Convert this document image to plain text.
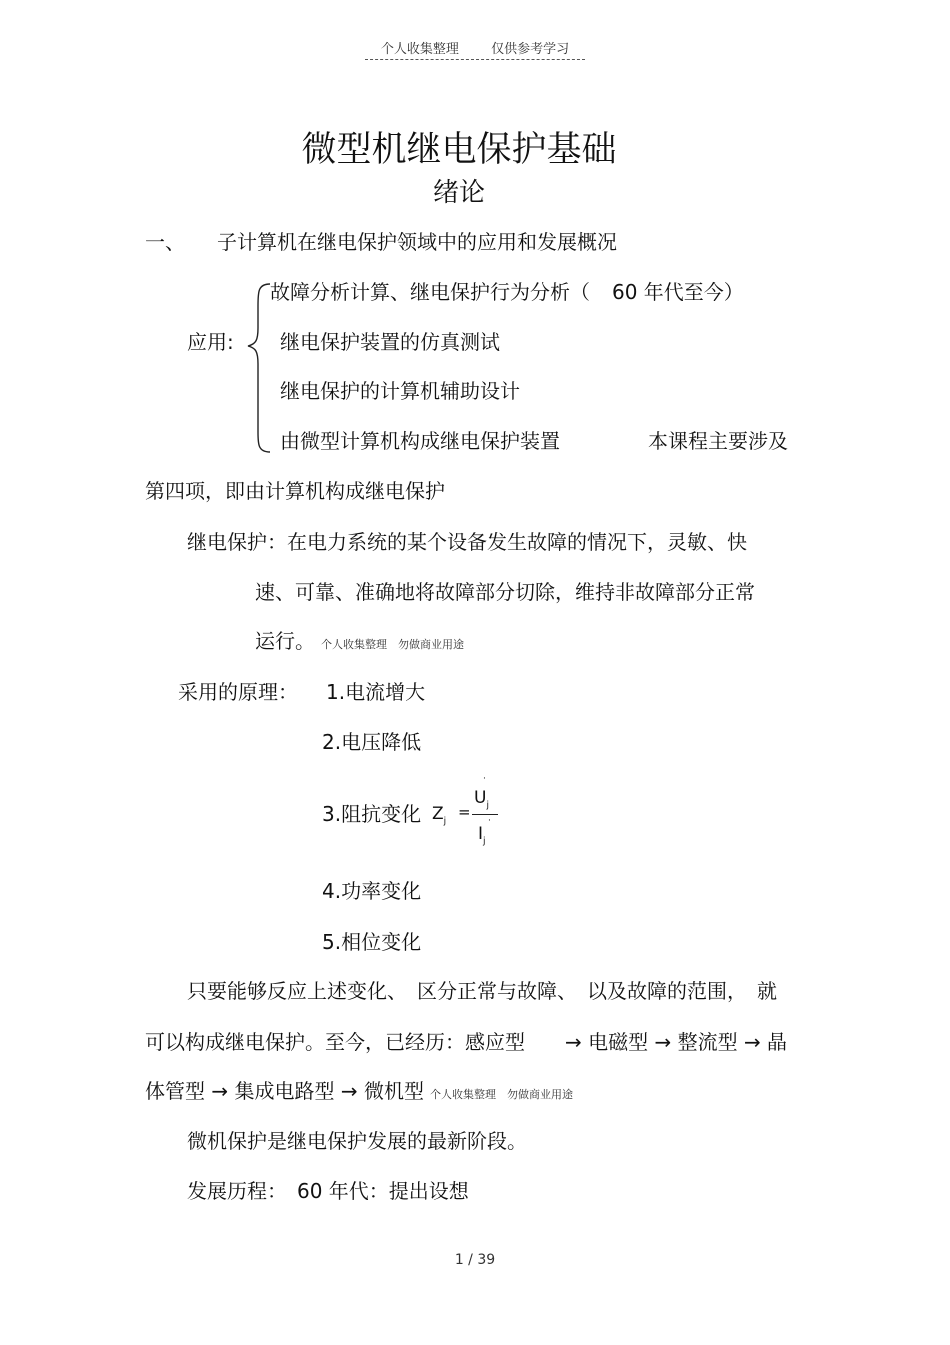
个人收集整理 仅供参考学习
微型机继电保护基础
绪论
一、 子计算机在继电保护领域中的应用和发展概况
故障分析计算、继电保护行为分析（ 60 年代至今）
应用: 继电保护装置的仿真测试
继电保护的计算机辅助设计
由微型计算机构成继电保护装置	本课程主要涉及
第四项，即由计算机构成继电保护
继电保护：在电力系统的某个设备发生故障的情况下，灵敏、快
速、可靠、准确地将故障部分切除，维持非故障部分正常
运行。 个人收集整理　勿做商业用途
采用的原理： 1.电流增大
2.电压降低
3.阻抗变化 $Z_j$
=
·
$U_j$
·
$I_j$
4.功率变化
5.相位变化
只要能够反应上述变化、　区分正常与故障、　以及故障的范围，　就
可以构成继电保护。至今，已经历：感应型　　→ 电磁型 → 整流型 → 晶
体管型 → 集成电路型 → 微机型 个人收集整理　勿做商业用途
微机保护是继电保护发展的最新阶段。
发展历程：　60 年代：提出设想
1 / 39
